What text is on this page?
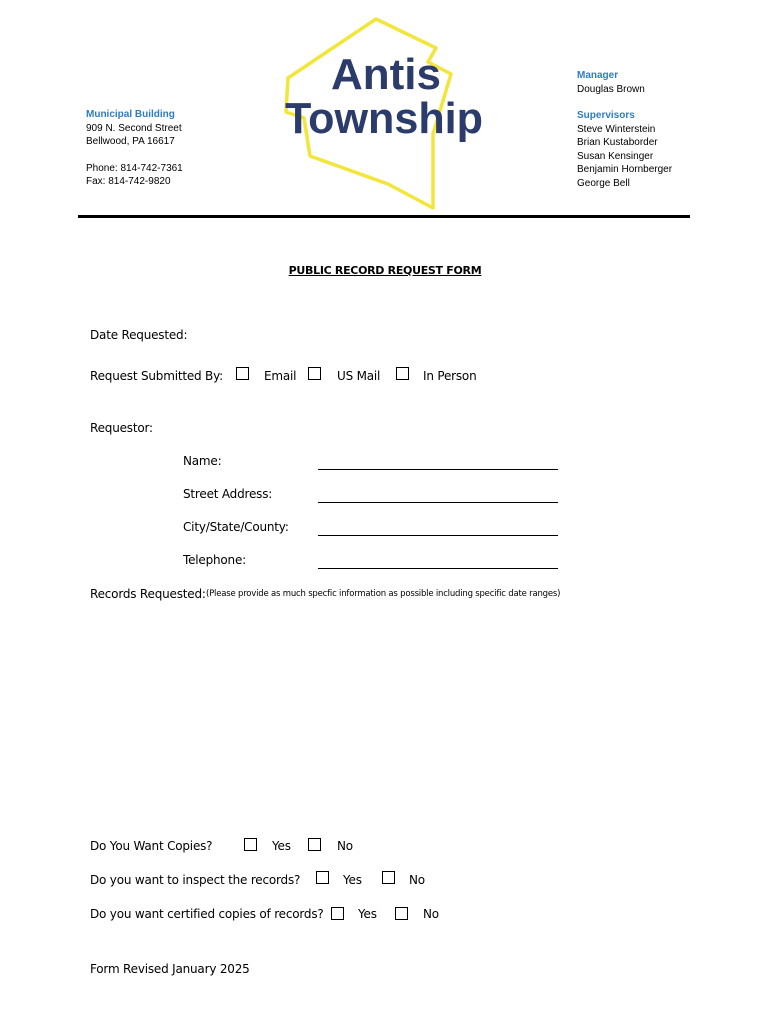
Municipal Building
909 N. Second Street
Bellwood, PA 16617
Phone: 814-742-7361
Fax: 814-742-9820
Antis
Township
Manager
Douglas Brown
Supervisors
Steve Winterstein
Brian Kustaborder
Susan Kensinger
Benjamin Hornberger
George Bell
PUBLIC RECORD REQUEST FORM
Date Requested:
Request Submitted By:	Email	US Mail	In Person
Requestor:
Name:
Street Address:
City/State/County:
Telephone:
Records Requested: (Please provide as much specfic information as possible including specific date ranges)
Do You Want Copies?	Yes	No
Do you want to inspect the records?	Yes	No
Do you want certified copies of records?	Yes	No
Form Revised January 2025
